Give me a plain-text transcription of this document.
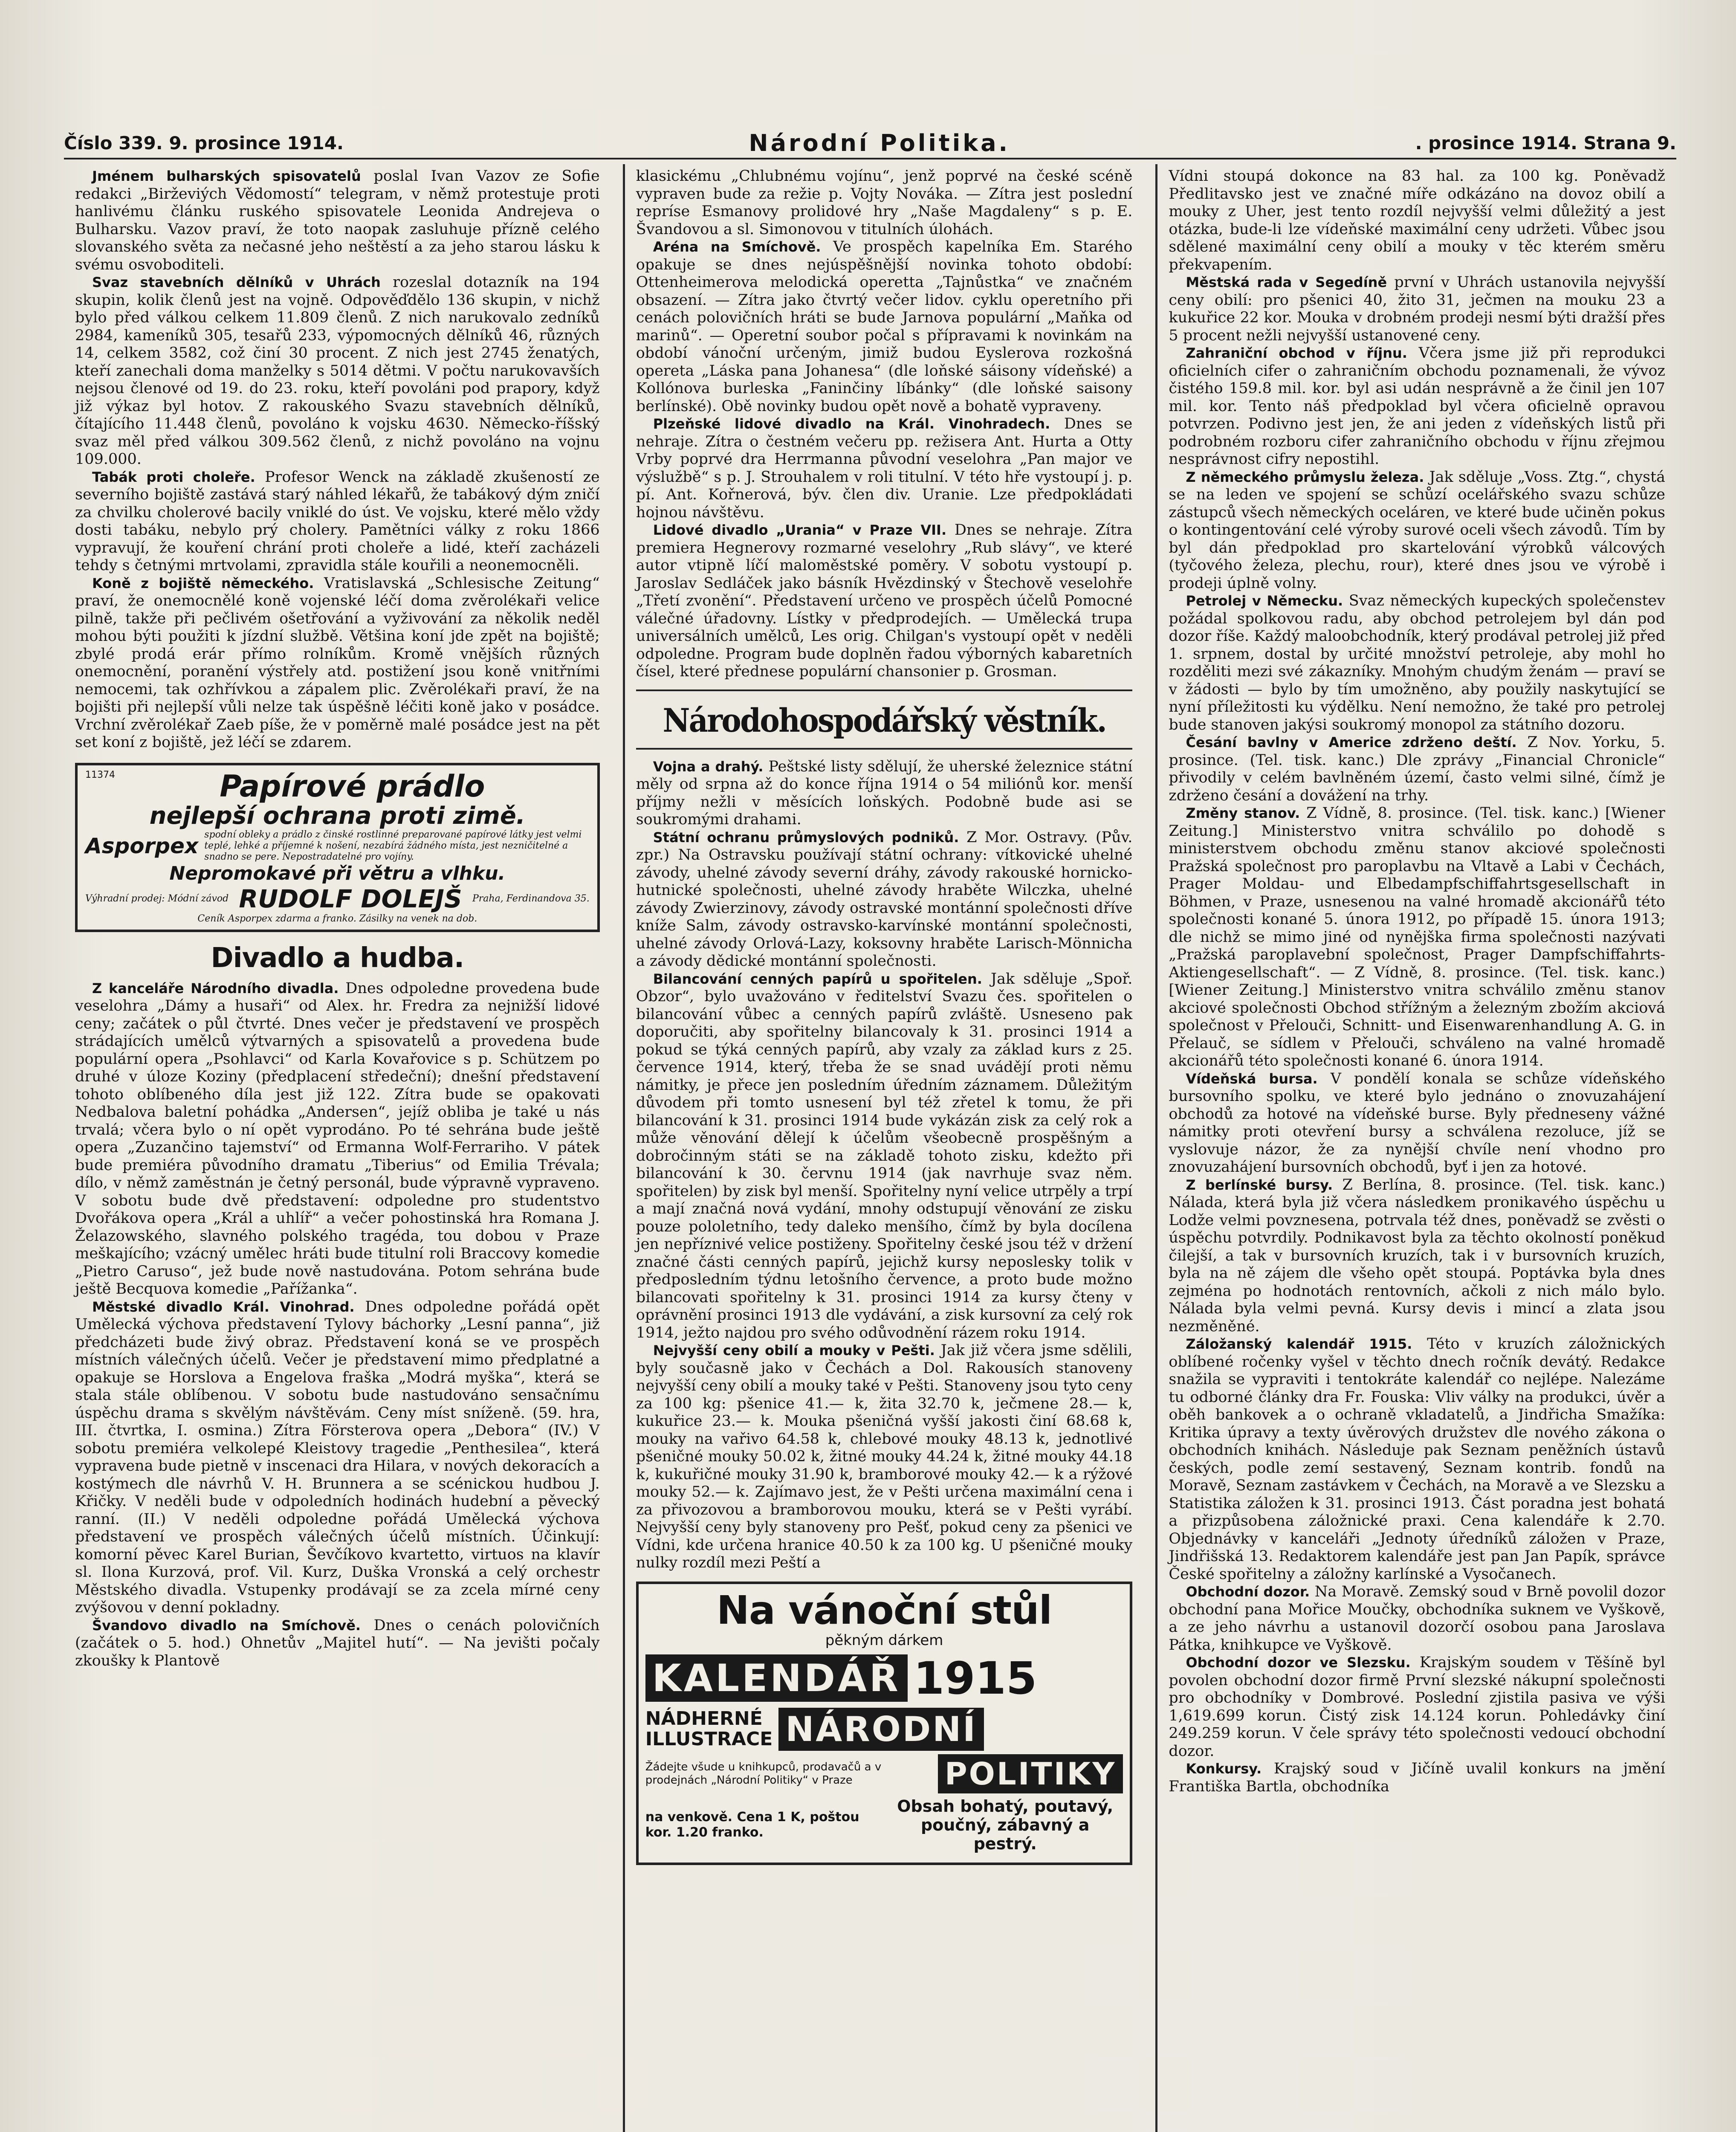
Číslo 339. 9. prosince 1914.	Národní Politika.	. prosince 1914. Strana 9.

Jménem bulharských spisovatelů poslal Ivan Vazov ze Sofie redakci „Birževiých Vědomostí“ telegram, v němž protestuje proti hanlivému článku ruského spisovatele Leonida Andrejeva o Bulharsku. Vazov praví, že toto naopak zasluhuje přízně celého slovanského světa za nečasné jeho neštěstí a za jeho starou lásku k svému osvoboditeli.

Svaz stavebních dělníků v Uhrách rozeslal dotazník na 194 skupin, kolik členů jest na vojně. Odpověďdělo 136 skupin, v nichž bylo před válkou celkem 11.809 členů. Z nich narukovalo zedníků 2984, kameníků 305, tesařů 233, výpomocných dělníků 46, různých 14, celkem 3582, což činí 30 procent. Z nich jest 2745 ženatých, kteří zanechali doma manželky s 5014 dětmi. V počtu narukovavších nejsou členové od 19. do 23. roku, kteří povoláni pod prapory, když již výkaz byl hotov. Z rakouského Svazu stavebních dělníků, čítajícího 11.448 členů, povoláno k vojsku 4630. Německo-říšský svaz měl před válkou 309.562 členů, z nichž povoláno na vojnu 109.000.

Tabák proti choleře. Profesor Wenck na základě zkušeností ze severního bojiště zastává starý náhled lékařů, že tabákový dým zničí za chvilku cholerové bacily vniklé do úst. Ve vojsku, které mělo vždy dosti tabáku, nebylo prý cholery. Pamětníci války z roku 1866 vypravují, že kouření chrání proti choleře a lidé, kteří zacházeli tehdy s četnými mrtvolami, zpravidla stále kouřili a neonemocněli.

Koně z bojiště německého. Vratislavská „Schlesische Zeitung“ praví, že onemocnělé koně vojenské léčí doma zvěrolékaři velice pilně, takže při pečlivém ošetřování a vyživování za několik neděl mohou býti použiti k jízdní službě. Většina koní jde zpět na bojiště; zbylé prodá erár přímo rolníkům. Kromě vnějších různých onemocnění, poranění výstřely atd. postižení jsou koně vnitřními nemocemi, tak ozhřívkou a zápalem plic. Zvěrolékaři praví, že na bojišti při nejlepší vůli nelze tak úspěšně léčiti koně jako v posádce. Vrchní zvěrolékař Zaeb píše, že v poměrně malé posádce jest na pět set koní z bojiště, jež léčí se zdarem.

11374	Papírové prádlo
nejlepší ochrana proti zimě.
Asporpex spodní obleky a prádlo z činské rostlinné preparované papírové látky jest velmi teplé, lehké a příjemné k nošení, nezabírá žádného místa, jest nezničitelné a snadno se pere. Nepostradatelné pro vojíny.
Nepromokavé při větru a vlhku.
Výhradní prodej: Módní závod RUDOLF DOLEJŠ Praha, Ferdinandova 35.
Ceník Asporpex zdarma a franko. Zásilky na venek na dob.
Divadlo a hudba.

Z kanceláře Národního divadla. Dnes odpoledne provedena bude veselohra „Dámy a husaři“ od Alex. hr. Fredra za nejnižší lidové ceny; začátek o půl čtvrté. Dnes večer je představení ve prospěch strádajících umělců výtvarných a spisovatelů a provedena bude populární opera „Psohlavci“ od Karla Kovařovice s p. Schützem po druhé v úloze Koziny (předplacení středeční); dnešní představení tohoto oblíbeného díla jest již 122. Zítra bude se opakovati Nedbalova baletní pohádka „Andersen“, jejíž obliba je také u nás trvalá; včera bylo o ní opět vyprodáno. Po té sehrána bude ještě opera „Zuzančino tajemství“ od Ermanna Wolf-Ferrariho. V pátek bude premiéra původního dramatu „Tiberius“ od Emilia Trévala; dílo, v němž zaměstnán je četný personál, bude výpravně vypraveno. V sobotu bude dvě představení: odpoledne pro studentstvo Dvořákova opera „Král a uhlíř“ a večer pohostinská hra Romana J. Želazowského, slavného polského tragéda, tou dobou v Praze meškajícího; vzácný umělec hráti bude titulní roli Braccovy komedie „Pietro Caruso“, jež bude nově nastudována. Potom sehrána bude ještě Becquova komedie „Pařížanka“.

Městské divadlo Král. Vinohrad. Dnes odpoledne pořádá opět Umělecká výchova představení Tylovy báchorky „Lesní panna“, již předcházeti bude živý obraz. Představení koná se ve prospěch místních válečných účelů. Večer je představení mimo předplatné a opakuje se Horslova a Engelova fraška „Modrá myška“, která se stala stále oblíbenou. V sobotu bude nastudováno sensačnímu úspěchu drama s skvělým návštěvám. Ceny míst sníženě. (59. hra, III. čtvrtka, I. osmina.) Zítra Försterova opera „Debora“ (IV.) V sobotu premiéra velkolepé Kleistovy tragedie „Penthesilea“, která vypravena bude pietně v inscenaci dra Hilara, v nových dekoracích a kostýmech dle návrhů V. H. Brunnera a se scénickou hudbou J. Křičky. V neděli bude v odpoledních hodinách hudební a pěvecký ranní. (II.) V neděli odpoledne pořádá Umělecká výchova představení ve prospěch válečných účelů místních. Účinkují: komorní pěvec Karel Burian, Ševčíkovo kvartetto, virtuos na klavír sl. Ilona Kurzová, prof. Vil. Kurz, Duška Vronská a celý orchestr Městského divadla. Vstupenky prodávají se za zcela mírné ceny zvýšovou v denní pokladny.

Švandovo divadlo na Smíchově. Dnes o cenách polovičních (začátek o 5. hod.) Ohnetův „Majitel hutí“. — Na jevišti počaly zkoušky k Plantově

klasickému „Chlubnému vojínu“, jenž poprvé na české scéně vypraven bude za režie p. Vojty Nováka. — Zítra jest poslední repríse Esmanovy prolidové hry „Naše Magdaleny“ s p. E. Švandovou a sl. Simonovou v titulních úlohách.

Aréna na Smíchově. Ve prospěch kapelníka Em. Starého opakuje se dnes nejúspěšnější novinka tohoto období: Ottenheimerova melodická operetta „Tajnůstka“ ve značném obsazení. — Zítra jako čtvrtý večer lidov. cyklu operetního při cenách polovičních hráti se bude Jarnova populární „Maňka od marinů“. — Operetní soubor počal s přípravami k novinkám na období vánoční určeným, jimiž budou Eyslerova rozkošná opereta „Láska pana Johanesa“ (dle loňské sáisony vídeňské) a Kollónova burleska „Faninčiny líbánky“ (dle loňské saisony berlínské). Obě novinky budou opět nově a bohatě vypraveny.

Plzeňské lidové divadlo na Král. Vinohradech. Dnes se nehraje. Zítra o čestném večeru pp. režisera Ant. Hurta a Otty Vrby poprvé dra Herrmanna původní veselohra „Pan major ve výslužbě“ s p. J. Strouhalem v roli titulní. V této hře vystoupí j. p. pí. Ant. Kořnerová, býv. člen div. Uranie. Lze předpokládati hojnou návštěvu.

Lidové divadlo „Urania“ v Praze VII. Dnes se nehraje. Zítra premiera Hegnerovy rozmarné veselohry „Rub slávy“, ve které autor vtipně líčí maloměstské poměry. V sobotu vystoupí p. Jaroslav Sedláček jako básník Hvězdinský v Štechově veselohře „Třetí zvonění“. Představení určeno ve prospěch účelů Pomocné válečné úřadovny. Lístky v předprodejích. — Umělecká trupa universálních umělců, Les orig. Chilgan's vystoupí opět v neděli odpoledne. Program bude doplněn řadou výborných kabaretních čísel, které přednese populární chansonier p. Grosman.

Národohospodářský věstník.

Vojna a drahý. Peštské listy sdělují, že uherské železnice státní měly od srpna až do konce října 1914 o 54 miliónů kor. menší příjmy nežli v měsících loňských. Podobně bude asi se soukromými drahami.

Státní ochranu průmyslových podniků. Z Mor. Ostravy. (Pův. zpr.) Na Ostravsku používají státní ochrany: vítkovické uhelné závody, uhelné závody severní dráhy, závody rakouské hornicko-hutnické společnosti, uhelné závody hraběte Wilczka, uhelné závody Zwierzinovy, závody ostravské montánní společnosti dříve kníže Salm, závody ostravsko-karvínské montánní společnosti, uhelné závody Orlová-Lazy, koksovny hraběte Larisch-Mönnicha a závody dědické montánní společnosti.

Bilancování cenných papírů u spořitelen. Jak sděluje „Spoř. Obzor“, bylo uvažováno v ředitelství Svazu čes. spořitelen o bilancování vůbec a cenných papírů zvláště. Usneseno pak doporučiti, aby spořitelny bilancovaly k 31. prosinci 1914 a pokud se týká cenných papírů, aby vzaly za základ kurs z 25. července 1914, který, třeba že se snad uvádějí proti němu námitky, je přece jen posledním úředním záznamem. Důležitým důvodem při tomto usnesení byl též zřetel k tomu, že při bilancování k 31. prosinci 1914 bude vykázán zisk za celý rok a může věnování dělejí k účelům všeobecně prospěšným a dobročinným státi se na základě tohoto zisku, kdežto při bilancování k 30. červnu 1914 (jak navrhuje svaz něm. spořitelen) by zisk byl menší. Spořitelny nyní velice utrpěly a trpí a mají značná nová vydání, mnohy odstupují věnování ze zisku pouze pololetního, tedy daleko menšího, čímž by byla docílena jen nepříznivé velice postiženy. Spořitelny české jsou též v držení značné části cenných papírů, jejichž kursy neposlesky tolik v předposledním týdnu letošního července, a proto bude možno bilancovati spořitelny k 31. prosinci 1914 za kursy čteny v oprávnění prosinci 1913 dle vydávání, a zisk kursovní za celý rok 1914, ježto najdou pro svého odůvodnění rázem roku 1914.

Nejvyšší ceny obilí a mouky v Pešti. Jak již včera jsme sdělili, byly současně jako v Čechách a Dol. Rakousích stanoveny nejvyšší ceny obilí a mouky také v Pešti. Stanoveny jsou tyto ceny za 100 kg: pšenice 41.— k, žita 32.70 k, ječmene 28.— k, kukuřice 23.— k. Mouka pšeničná vyšší jakosti činí 68.68 k, mouky na vařivo 64.58 k, chlebové mouky 48.13 k, jednotlivé pšeničné mouky 50.02 k, žitné mouky 44.24 k, žitné mouky 44.18 k, kukuřičné mouky 31.90 k, bramborové mouky 42.— k a rýžové mouky 52.— k. Zajímavo jest, že v Pešti určena maximální cena i za přivozovou a bramborovou mouku, která se v Pešti vyrábí. Nejvyšší ceny byly stanoveny pro Pešť, pokud ceny za pšenici ve Vídni, kde určena hranice 40.50 k za 100 kg. U pšeničné mouky nulky rozdíl mezi Peští a

Na vánoční stůl
pěkným dárkem
KALENDÁŘ 1915
NÁDHERNÉ
ILLUSTRACE NÁRODNÍ
Žádejte všude u knihkupců, prodavačů a v prodejnách „Národní Politiky“ v Praze	POLITIKY
na venkově. Cena 1 K, poštou kor. 1.20 franko.
Obsah bohatý, poutavý, poučný, zábavný a pestrý.

Vídni stoupá dokonce na 83 hal. za 100 kg. Poněvadž Předlitavsko jest ve značné míře odkázáno na dovoz obilí a mouky z Uher, jest tento rozdíl nejvyšší velmi důležitý a jest otázka, bude-li lze vídeňské maximální ceny udržeti. Vůbec jsou sdělené maximální ceny obilí a mouky v těc kterém směru překvapením.

Městská rada v Segedíně první v Uhrách ustanovila nejvyšší ceny obilí: pro pšenici 40, žito 31, ječmen na mouku 23 a kukuřice 22 kor. Mouka v drobném prodeji nesmí býti dražší přes 5 procent nežli nejvyšší ustanovené ceny.

Zahraniční obchod v říjnu. Včera jsme již při reprodukci oficielních cifer o zahraničním obchodu poznamenali, že vývoz čistého 159.8 mil. kor. byl asi udán nesprávně a že činil jen 107 mil. kor. Tento náš předpoklad byl včera oficielně opravou potvrzen. Podivno jest jen, že ani jeden z vídeňských listů při podrobném rozboru cifer zahraničního obchodu v říjnu zřejmou nesprávnost cifry nepostihl.

Z německého průmyslu železa. Jak sděluje „Voss. Ztg.“, chystá se na leden ve spojení se schůzí ocelářského svazu schůze zástupců všech německých oceláren, ve které bude učiněn pokus o kontingentování celé výroby surové oceli všech závodů. Tím by byl dán předpoklad pro skartelování výrobků válcových (tyčového železa, plechu, rour), které dnes jsou ve výrobě i prodeji úplně volny.

Petrolej v Německu. Svaz německých kupeckých společenstev požádal spolkovou radu, aby obchod petrolejem byl dán pod dozor říše. Každý maloobchodník, který prodával petrolej již před 1. srpnem, dostal by určité množství petroleje, aby mohl ho rozděliti mezi své zákazníky. Mnohým chudým ženám — praví se v žádosti — bylo by tím umožněno, aby použily naskytující se nyní příležitosti ku výdělku. Není nemožno, že také pro petrolej bude stanoven jakýsi soukromý monopol za státního dozoru.

Česání bavlny v Americe zdrženo deští. Z Nov. Yorku, 5. prosince. (Tel. tisk. kanc.) Dle zprávy „Financial Chronicle“ přivodily v celém bavlněném území, často velmi silné, čímž je zdrženo česání a dovážení na trhy.

Změny stanov. Z Vídně, 8. prosince. (Tel. tisk. kanc.) [Wiener Zeitung.] Ministerstvo vnitra schválilo po dohodě s ministerstvem obchodu změnu stanov akciové společnosti Pražská společnost pro paroplavbu na Vltavě a Labi v Čechách, Prager Moldau- und Elbedampfschiffahrtsgesellschaft in Böhmen, v Praze, usnesenou na valné hromadě akcionářů této společnosti konané 5. února 1912, po případě 15. února 1913; dle nichž se mimo jiné od nynějška firma společnosti nazývati „Pražská paroplavební společnost, Prager Dampfschiffahrts-Aktiengesellschaft“. — Z Vídně, 8. prosince. (Tel. tisk. kanc.) [Wiener Zeitung.] Ministerstvo vnitra schválilo změnu stanov akciové společnosti Obchod střížným a železným zbožím akciová společnost v Přelouči, Schnitt- und Eisenwarenhandlung A. G. in Přelauč, se sídlem v Přelouči, schváleno na valné hromadě akcionářů této společnosti konané 6. února 1914.

Vídeňská bursa. V pondělí konala se schůze vídeňského bursovního spolku, ve které bylo jednáno o znovuzahájení obchodů za hotové na vídeňské burse. Byly předneseny vážné námitky proti otevření bursy a schválena rezoluce, jíž se vyslovuje názor, že za nynější chvíle není vhodno pro znovuzahájení bursovních obchodů, byť i jen za hotové.

Z berlínské bursy. Z Berlína, 8. prosince. (Tel. tisk. kanc.) Nálada, která byla již včera následkem pronikavého úspěchu u Lodže velmi povznesena, potrvala též dnes, poněvadž se zvěsti o úspěchu potvrdily. Podnikavost byla za těchto okolností poněkud čilejší, a tak v bursovních kruzích, tak i v bursovních kruzích, byla na ně zájem dle všeho opět stoupá. Poptávka byla dnes zejména po hodnotách rentovních, ačkoli z nich málo bylo. Nálada byla velmi pevná. Kursy devis i mincí a zlata jsou nezměněné.

Záložanský kalendář 1915. Této v kruzích záložnických oblíbené ročenky vyšel v těchto dnech ročník devátý. Redakce snažila se vypraviti i tentokráte kalendář co nejlépe. Nalezáme tu odborné články dra Fr. Fouska: Vliv války na produkci, úvěr a oběh bankovek a o ochraně vkladatelů, a Jindřicha Smažíka: Kritika úpravy a texty úvěrových družstev dle nového zákona o obchodních knihách. Následuje pak Seznam peněžních ústavů českých, podle zemí sestavený, Seznam kontrib. fondů na Moravě, Seznam zastávkem v Čechách, na Moravě a ve Slezsku a Statistika záložen k 31. prosinci 1913. Část poradna jest bohatá a přizpůsobena záložnické praxi. Cena kalendáře k 2.70. Objednávky v kanceláři „Jednoty úředníků záložen v Praze, Jindřišská 13. Redaktorem kalendáře jest pan Jan Papík, správce České spořitelny a záložny karlínské a Vysočanech.

Obchodní dozor. Na Moravě. Zemský soud v Brně povolil dozor obchodní pana Mořice Moučky, obchodníka suknem ve Vyškově, a ze jeho návrhu a ustanovil dozorčí osobou pana Jaroslava Pátka, knihkupce ve Vyškově.

Obchodní dozor ve Slezsku. Krajským soudem v Těšíně byl povolen obchodní dozor firmě První slezské nákupní společnosti pro obchodníky v Dombrové. Poslední zjistila pasiva ve výši 1,619.699 korun. Čistý zisk 14.124 korun. Pohledávky činí 249.259 korun. V čele správy této společnosti vedoucí obchodní dozor.

Konkursy. Krajský soud v Jičíně uvalil konkurs na jmění Františka Bartla, obchodníka
